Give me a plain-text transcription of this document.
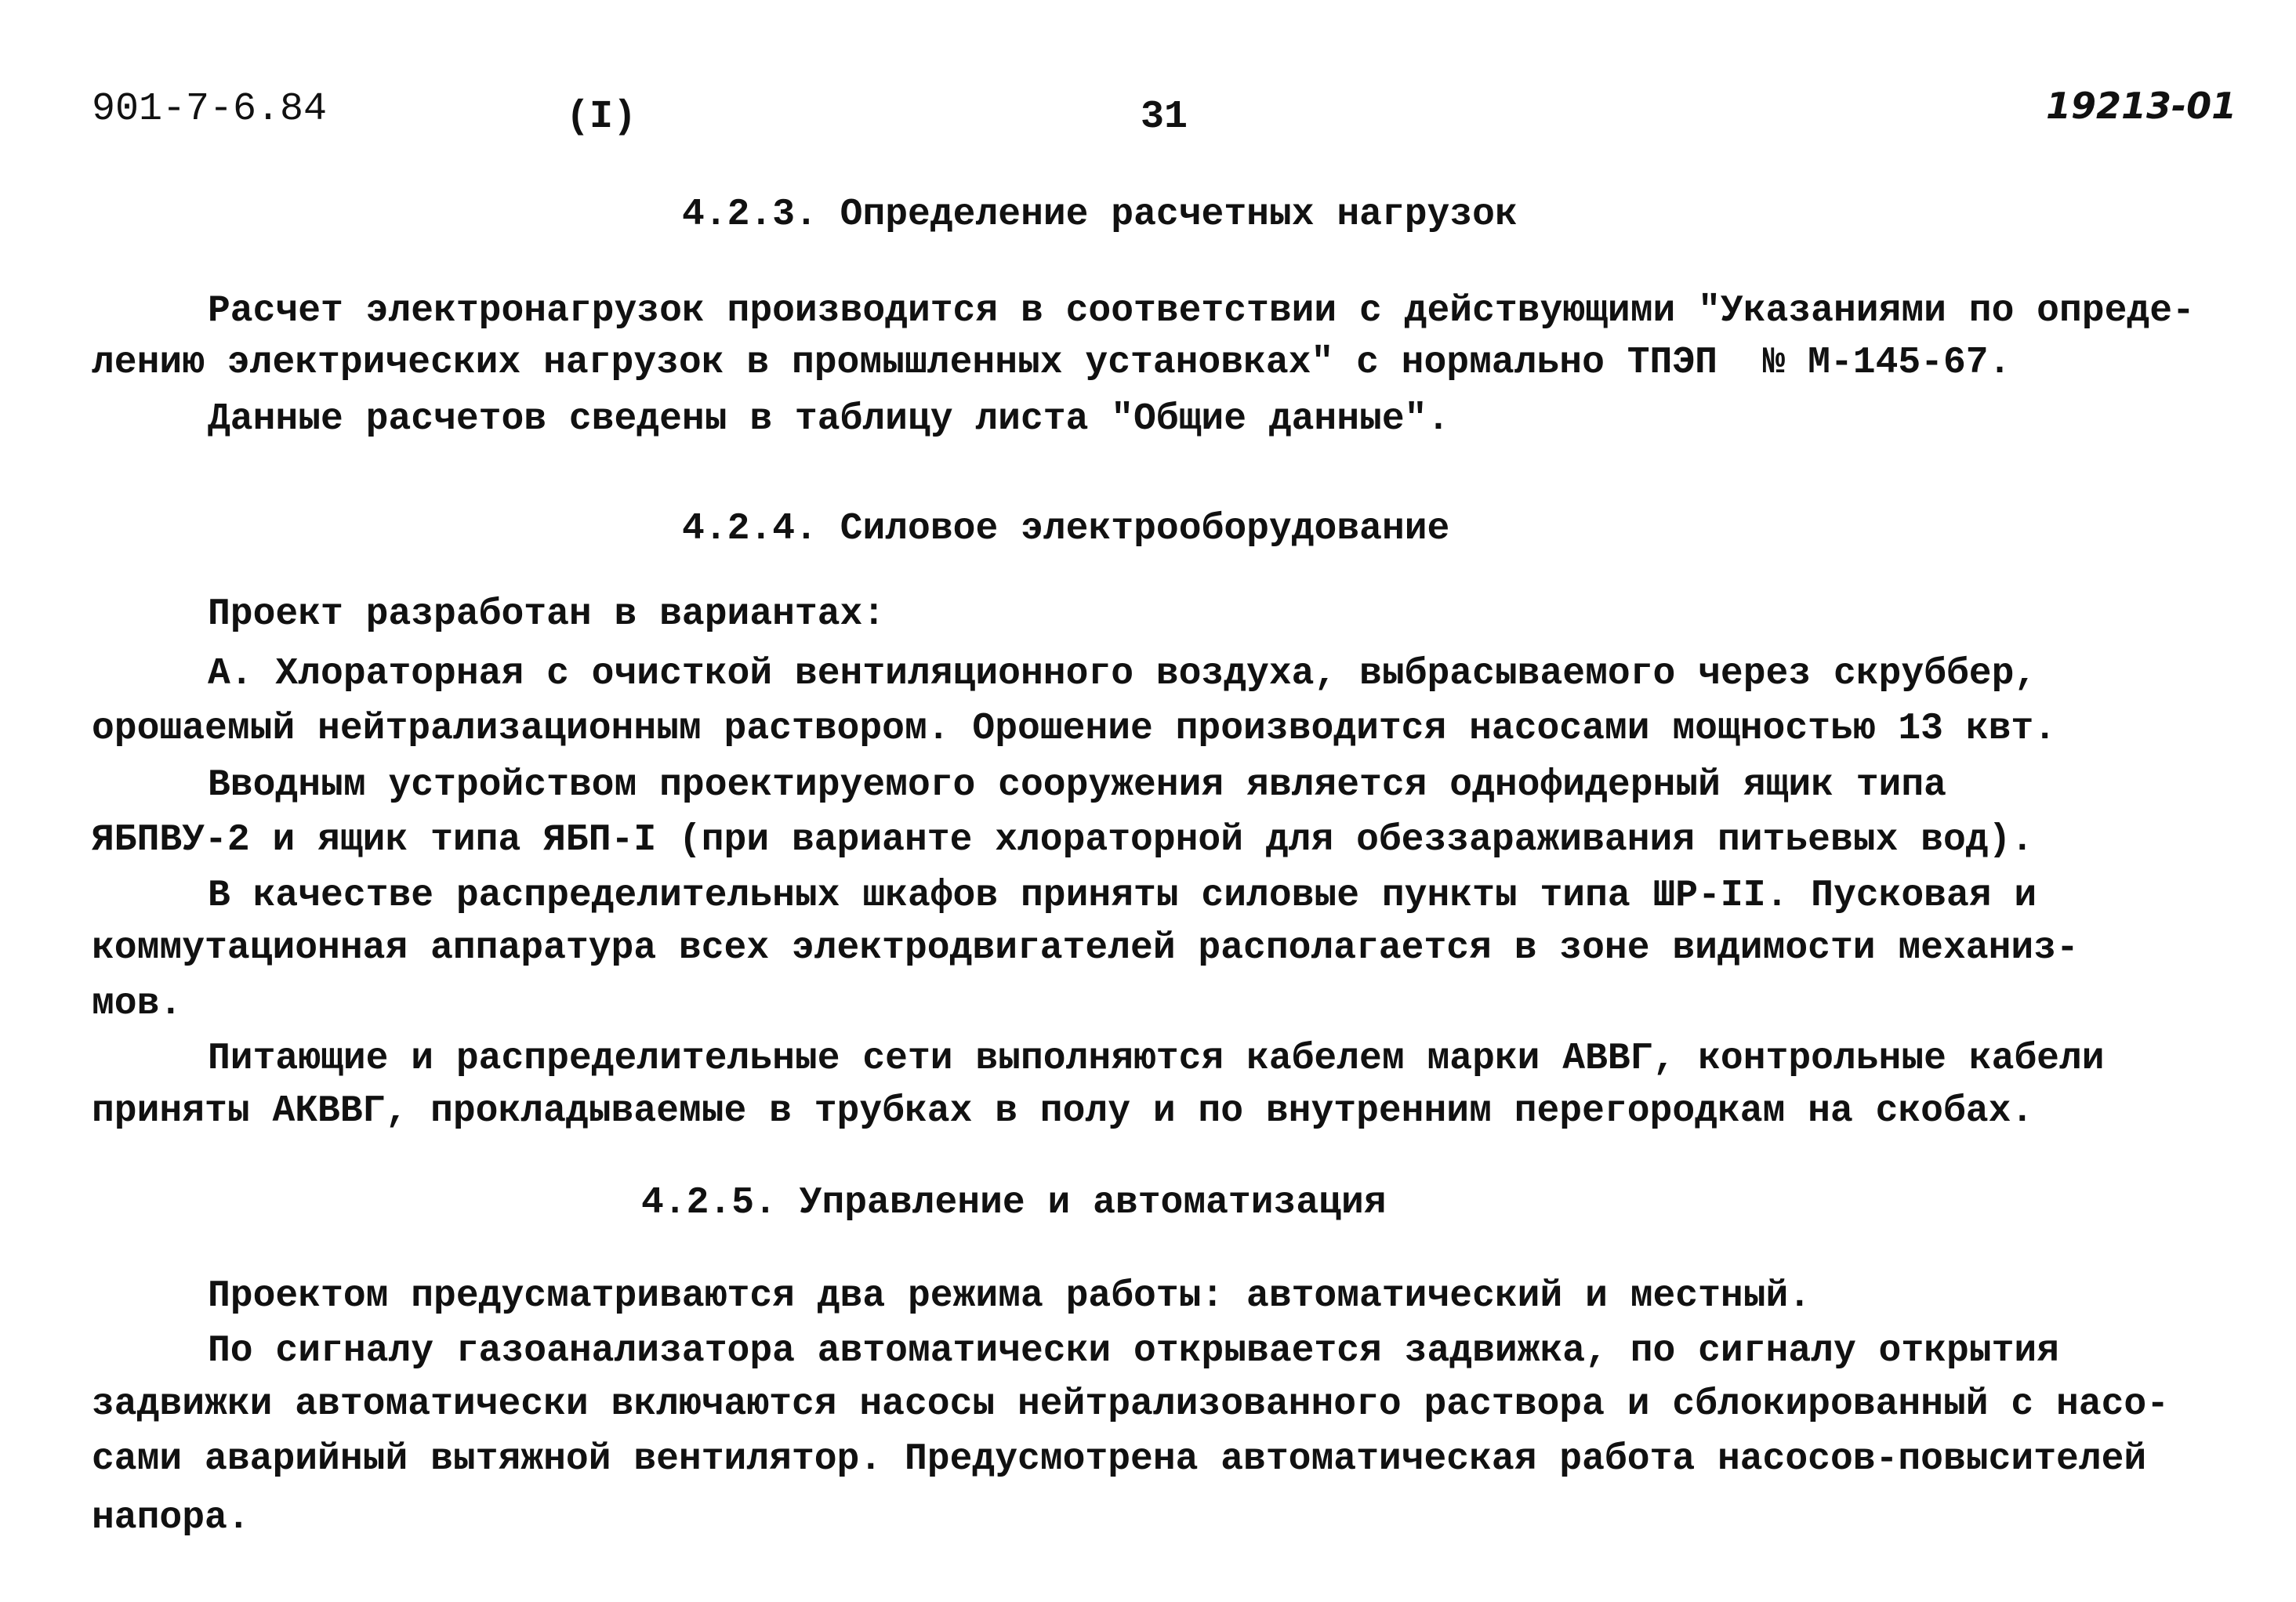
901-7-6.84	(I)	31	19213-01
4.2.3. Определение расчетных нагрузок
Расчет электронагрузок производится в соответствии с действующими "Указаниями по опреде-
лению электрических нагрузок в промышленных установках" с нормально ТПЭП  № М-145-67.
Данные расчетов сведены в таблицу листа "Общие данные".
4.2.4. Силовое электрооборудование
Проект разработан в вариантах:
А. Хлораторная с очисткой вентиляционного воздуха, выбрасываемого через скруббер,
орошаемый нейтрализационным раствором. Орошение производится насосами мощностью 13 квт.
Вводным устройством проектируемого сооружения является однофидерный ящик типа
ЯБПВУ-2 и ящик типа ЯБП-I (при варианте хлораторной для обеззараживания питьевых вод).
В качестве распределительных шкафов приняты силовые пункты типа ШР-II. Пусковая и
коммутационная аппаратура всех электродвигателей располагается в зоне видимости механиз-
мов.
Питающие и распределительные сети выполняются кабелем марки АВВГ, контрольные кабели
приняты АКВВГ, прокладываемые в трубках в полу и по внутренним перегородкам на скобах.
4.2.5. Управление и автоматизация
Проектом предусматриваются два режима работы: автоматический и местный.
По сигналу газоанализатора автоматически открывается задвижка, по сигналу открытия
задвижки автоматически включаются насосы нейтрализованного раствора и сблокированный с насо-
сами аварийный вытяжной вентилятор. Предусмотрена автоматическая работа насосов-повысителей
напора.
